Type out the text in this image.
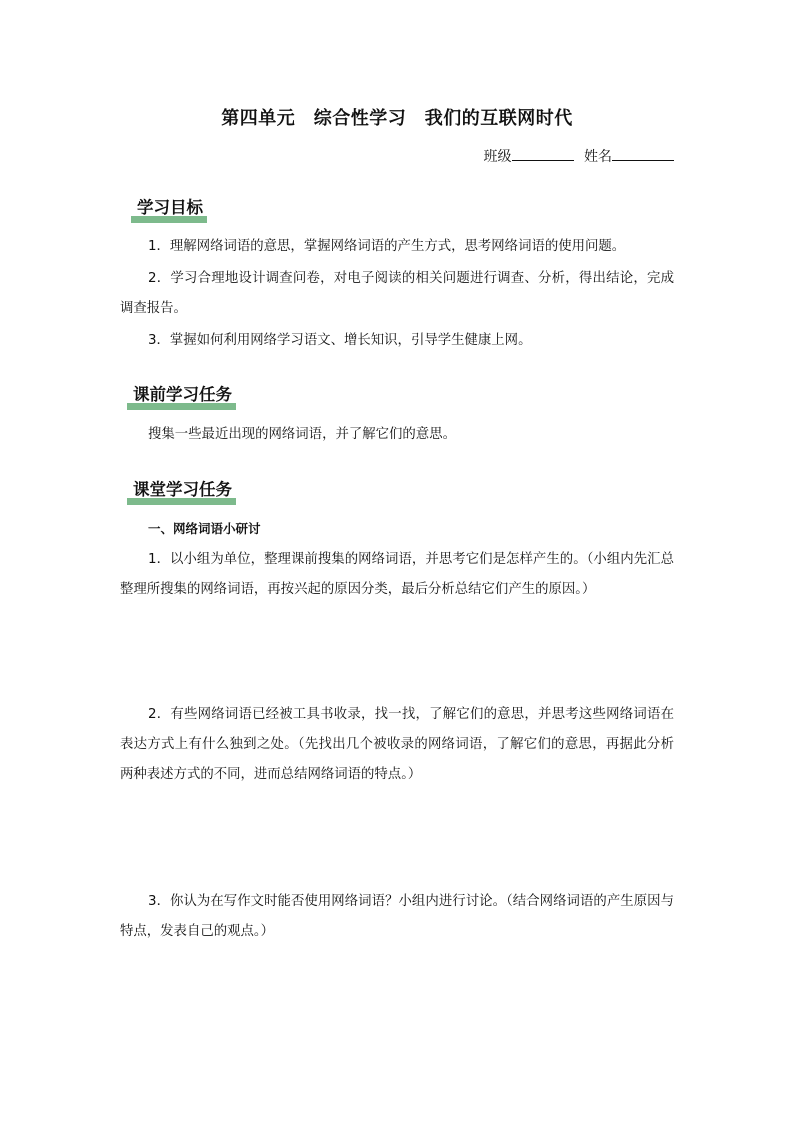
第四单元　综合性学习　我们的互联网时代
班级	姓名
学习目标

1．理解网络词语的意思，掌握网络词语的产生方式，思考网络词语的使用问题。

2．学习合理地设计调查问卷，对电子阅读的相关问题进行调查、分析，得出结论，完成调查报告。

3．掌握如何利用网络学习语文、增长知识，引导学生健康上网。

课前学习任务

搜集一些最近出现的网络词语，并了解它们的意思。

课堂学习任务
一、网络词语小研讨

1．以小组为单位，整理课前搜集的网络词语，并思考它们是怎样产生的。（小组内先汇总整理所搜集的网络词语，再按兴起的原因分类，最后分析总结它们产生的原因。）

2．有些网络词语已经被工具书收录，找一找，了解它们的意思，并思考这些网络词语在表达方式上有什么独到之处。（先找出几个被收录的网络词语，了解它们的意思，再据此分析两种表述方式的不同，进而总结网络词语的特点。）

3．你认为在写作文时能否使用网络词语？小组内进行讨论。（结合网络词语的产生原因与特点，发表自己的观点。）
